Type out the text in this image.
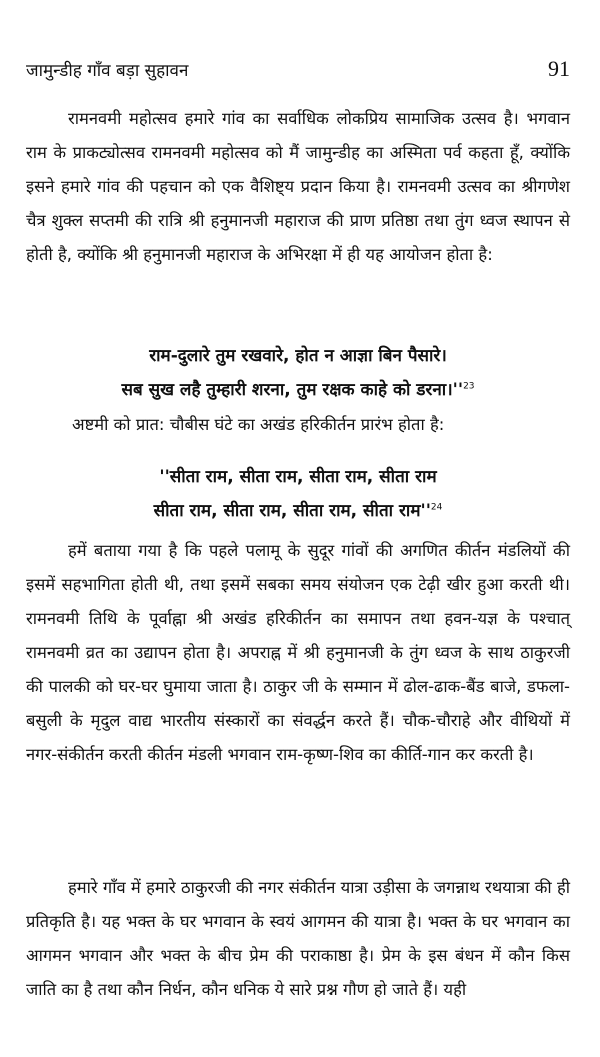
जामुन्डीह गाँव बड़ा सुहावन	91

रामनवमी महोत्सव हमारे गांव का सर्वाधिक लोकप्रिय सामाजिक उत्सव है। भगवान राम के प्राकट्योत्सव रामनवमी महोत्सव को मैं जामुन्डीह का अस्मिता पर्व कहता हूँ, क्योंकि इसने हमारे गांव की पहचान को एक वैशिष्ट्य प्रदान किया है। रामनवमी उत्सव का श्रीगणेश चैत्र शुक्ल सप्तमी की रात्रि श्री हनुमानजी महाराज की प्राण प्रतिष्ठा तथा तुंग ध्वज स्थापन से होती है, क्योंकि श्री हनुमानजी महाराज के अभिरक्षा में ही यह आयोजन होता है:

राम-दुलारे तुम रखवारे, होत न आज्ञा बिन पैसारे।
सब सुख लहै तुम्हारी शरना, तुम रक्षक काहे को $डरना।''^{23}$

अष्टमी को प्रात: चौबीस घंटे का अखंड हरिकीर्तन प्रारंभ होता है:

''सीता राम, सीता राम, सीता राम, सीता राम
सीता राम, सीता राम, सीता राम, सीता $राम''^{24}$

हमें बताया गया है कि पहले पलामू के सुदूर गांवों की अगणित कीर्तन मंडलियों की इसमें सहभागिता होती थी, तथा इसमें सबका समय संयोजन एक टेढ़ी खीर हुआ करती थी। रामनवमी तिथि के पूर्वाह्ना श्री अखंड हरिकीर्तन का समापन तथा हवन-यज्ञ के पश्चात् रामनवमी व्रत का उद्यापन होता है। अपराह्न में श्री हनुमानजी के तुंग ध्वज के साथ ठाकुरजी की पालकी को घर-घर घुमाया जाता है। ठाकुर जी के सम्मान में ढोल-ढाक-बैंड बाजे, डफला-बसुली के मृदुल वाद्य भारतीय संस्कारों का संवर्द्धन करते हैं। चौक-चौराहे और वीथियों में नगर-संकीर्तन करती कीर्तन मंडली भगवान राम-कृष्ण-शिव का कीर्ति-गान कर करती है।

हमारे गाँव में हमारे ठाकुरजी की नगर संकीर्तन यात्रा उड़ीसा के जगन्नाथ रथयात्रा की ही प्रतिकृति है। यह भक्त के घर भगवान के स्वयं आगमन की यात्रा है। भक्त के घर भगवान का आगमन भगवान और भक्त के बीच प्रेम की पराकाष्ठा है। प्रेम के इस बंधन में कौन किस जाति का है तथा कौन निर्धन, कौन धनिक ये सारे प्रश्न गौण हो जाते हैं। यही
